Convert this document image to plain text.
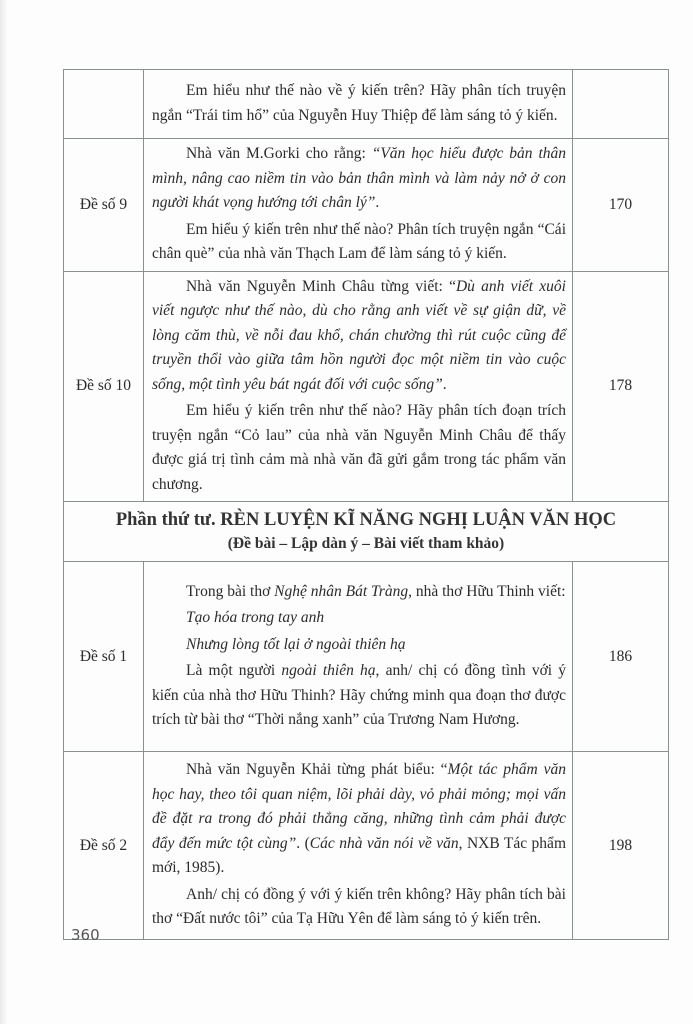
	Em hiểu như thế nào về ý kiến trên? Hãy phân tích truyện ngắn “Trái tim hổ” của Nguyễn Huy Thiệp để làm sáng tỏ ý kiến.	

Đề số 9	Nhà văn M.Gorki cho rằng: “Văn học hiểu được bản thân mình, nâng cao niềm tin vào bản thân mình và làm nảy nở ở con người khát vọng hướng tới chân lý”.

Em hiểu ý kiến trên như thế nào? Phân tích truyện ngắn “Cái chân què” của nhà văn Thạch Lam để làm sáng tỏ ý kiến.	170
Đề số 10	Nhà văn Nguyễn Minh Châu từng viết: “Dù anh viết xuôi viết ngược như thế nào, dù cho rằng anh viết về sự giận dữ, về lòng căm thù, về nỗi đau khổ, chán chường thì rút cuộc cũng để truyền thổi vào giữa tâm hồn người đọc một niềm tin vào cuộc sống, một tình yêu bát ngát đối với cuộc sống”.

Em hiểu ý kiến trên như thế nào? Hãy phân tích đoạn trích truyện ngắn “Cỏ lau” của nhà văn Nguyễn Minh Châu để thấy được giá trị tình cảm mà nhà văn đã gửi gắm trong tác phẩm văn chương.	178

Phần thứ tư. RÈN LUYỆN KĨ NĂNG NGHỊ LUẬN VĂN HỌC
(Đề bài – Lập dàn ý – Bài viết tham khảo)		

Đề số 1	Trong bài thơ Nghệ nhân Bát Tràng, nhà thơ Hữu Thinh viết:

Tạo hóa trong tay anh

Nhưng lòng tốt lại ở ngoài thiên hạ

Là một người ngoài thiên hạ, anh/ chị có đồng tình với ý kiến của nhà thơ Hữu Thinh? Hãy chứng minh qua đoạn thơ được trích từ bài thơ “Thời nắng xanh” của Trương Nam Hương.	186
Đề số 2	Nhà văn Nguyễn Khải từng phát biểu: “Một tác phẩm văn học hay, theo tôi quan niệm, lõi phải dày, vỏ phải mỏng; mọi vấn đề đặt ra trong đó phải thẳng căng, những tình cảm phải được đẩy đến mức tột cùng”. (Các nhà văn nói về văn, NXB Tác phẩm mới, 1985).

Anh/ chị có đồng ý với ý kiến trên không? Hãy phân tích bài thơ “Đất nước tôi” của Tạ Hữu Yên để làm sáng tỏ ý kiến trên.	198
360
